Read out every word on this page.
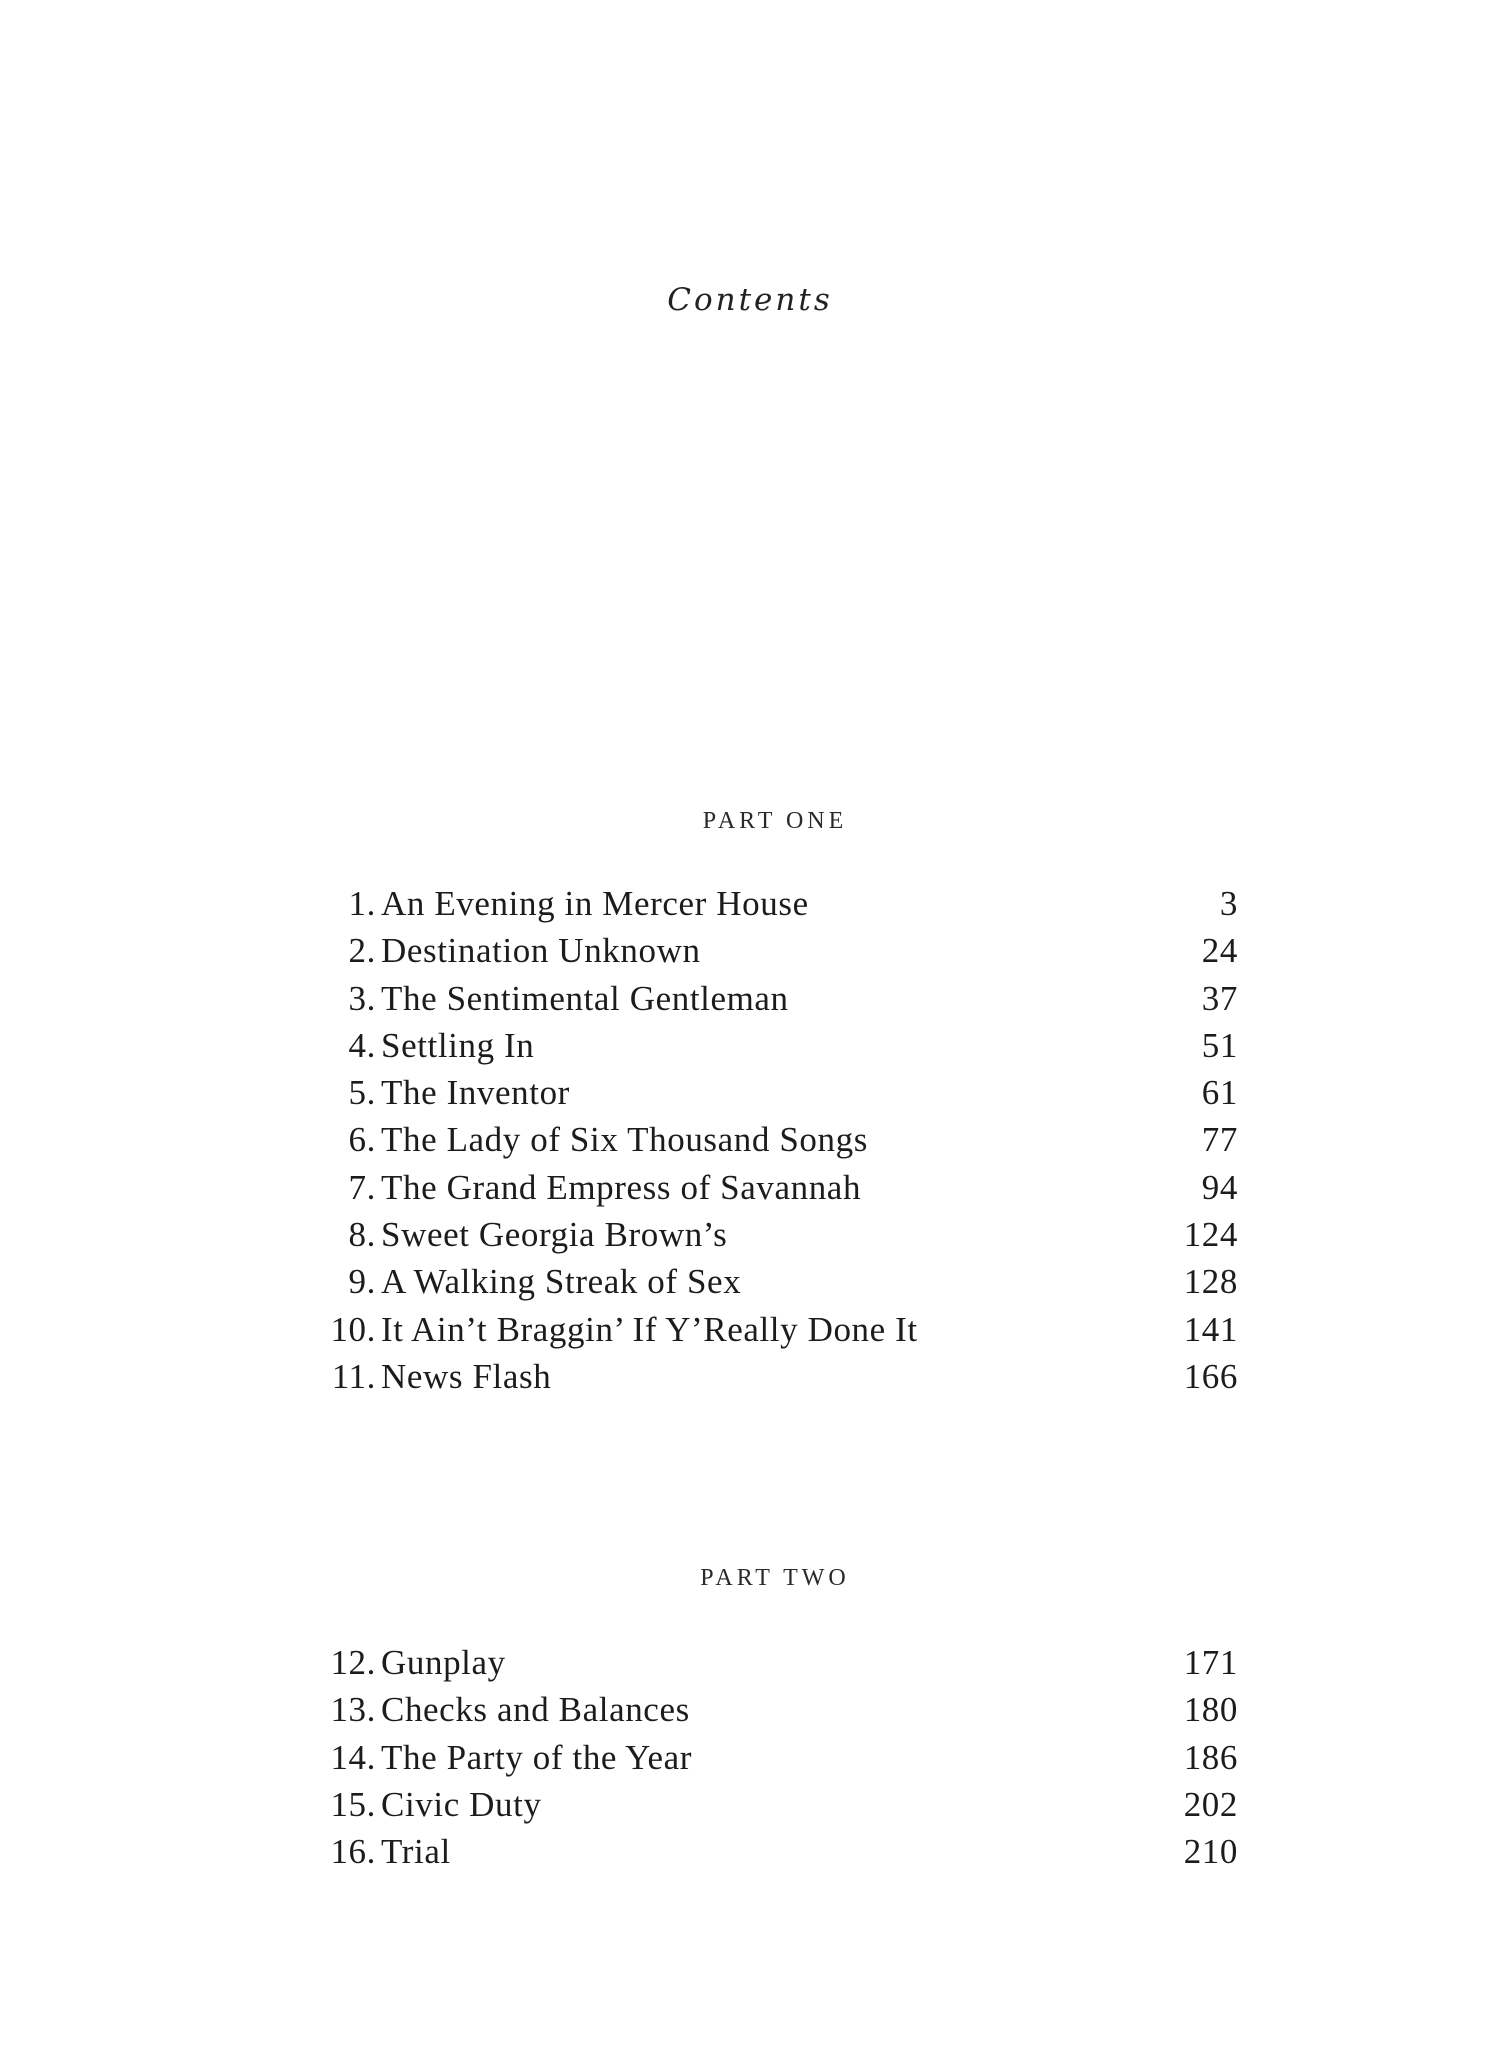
Contents
PART ONE
1. An Evening in Mercer House	3
2. Destination Unknown	24
3. The Sentimental Gentleman	37
4. Settling In	51
5. The Inventor	61
6. The Lady of Six Thousand Songs	77
7. The Grand Empress of Savannah	94
8. Sweet Georgia Brown’s	124
9. A Walking Streak of Sex	128
10. It Ain’t Braggin’ If Y’Really Done It	141
11. News Flash	166
PART TWO
12. Gunplay	171
13. Checks and Balances	180
14. The Party of the Year	186
15. Civic Duty	202
16. Trial	210
